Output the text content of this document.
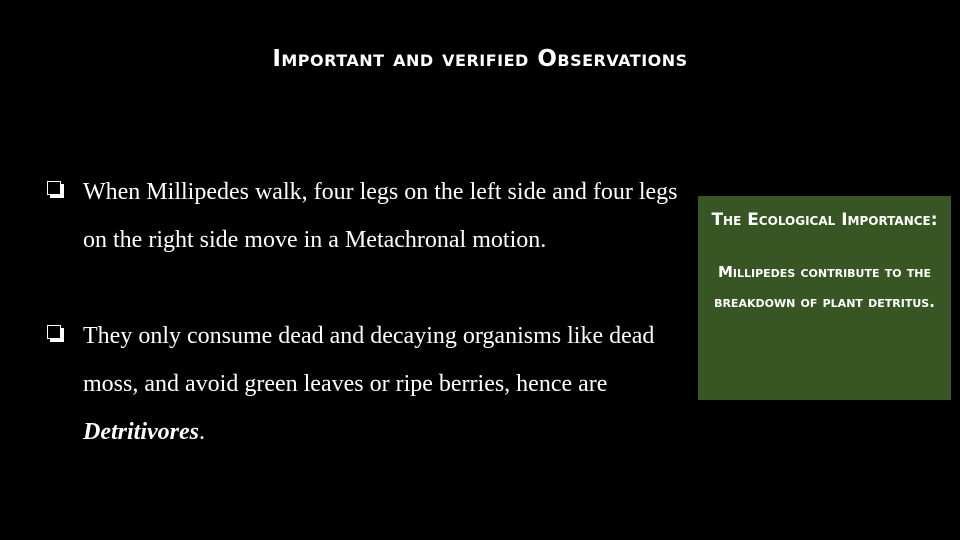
Important and verified Observations

When Millipedes walk, four legs on the left side and four legs on the right side move in a Metachronal motion.

They only consume dead and decaying organisms like dead moss, and avoid green leaves or ripe berries, hence are Detritivores.

The Ecological Importance:
Millipedes contribute to the breakdown of plant detritus.
